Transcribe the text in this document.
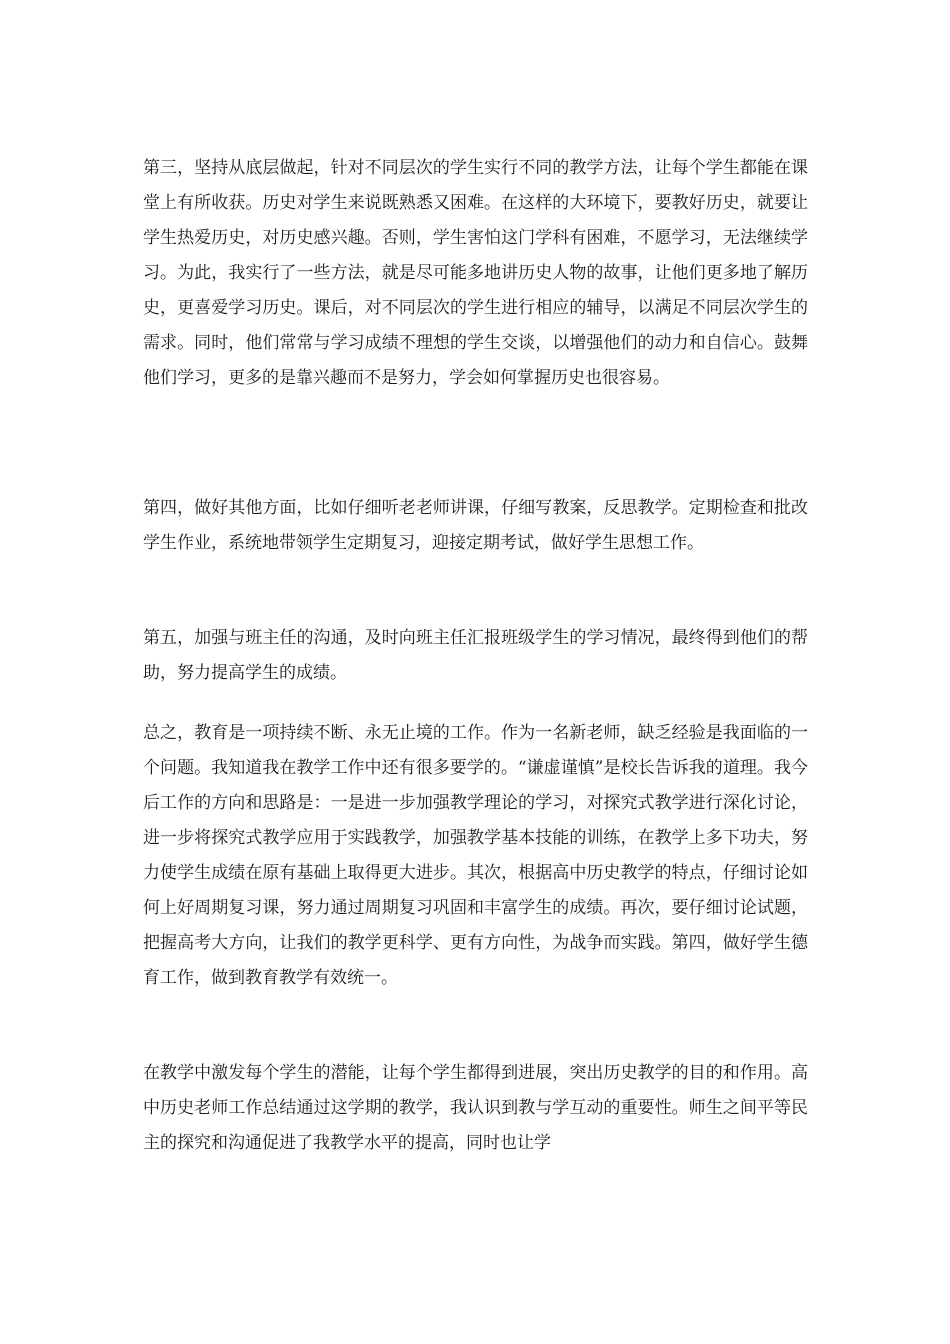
第三，坚持从底层做起，针对不同层次的学生实行不同的教学方法，让每个学生都能在课堂上有所收获。历史对学生来说既熟悉又困难。在这样的大环境下，要教好历史，就要让学生热爱历史，对历史感兴趣。否则，学生害怕这门学科有困难，不愿学习，无法继续学习。为此，我实行了一些方法，就是尽可能多地讲历史人物的故事，让他们更多地了解历史，更喜爱学习历史。课后，对不同层次的学生进行相应的辅导，以满足不同层次学生的需求。同时，他们常常与学习成绩不理想的学生交谈，以增强他们的动力和自信心。鼓舞他们学习，更多的是靠兴趣而不是努力，学会如何掌握历史也很容易。

第四，做好其他方面，比如仔细听老老师讲课，仔细写教案，反思教学。定期检查和批改学生作业，系统地带领学生定期复习，迎接定期考试，做好学生思想工作。

第五，加强与班主任的沟通，及时向班主任汇报班级学生的学习情况，最终得到他们的帮助，努力提高学生的成绩。

总之，教育是一项持续不断、永无止境的工作。作为一名新老师，缺乏经验是我面临的一个问题。我知道我在教学工作中还有很多要学的。“谦虚谨慎”是校长告诉我的道理。我今后工作的方向和思路是：一是进一步加强教学理论的学习，对探究式教学进行深化讨论，进一步将探究式教学应用于实践教学，加强教学基本技能的训练，在教学上多下功夫，努力使学生成绩在原有基础上取得更大进步。其次，根据高中历史教学的特点，仔细讨论如何上好周期复习课，努力通过周期复习巩固和丰富学生的成绩。再次，要仔细讨论试题，把握高考大方向，让我们的教学更科学、更有方向性，为战争而实践。第四，做好学生德育工作，做到教育教学有效统一。

在教学中激发每个学生的潜能，让每个学生都得到进展，突出历史教学的目的和作用。高中历史老师工作总结通过这学期的教学，我认识到教与学互动的重要性。师生之间平等民主的探究和沟通促进了我教学水平的提高，同时也让学
